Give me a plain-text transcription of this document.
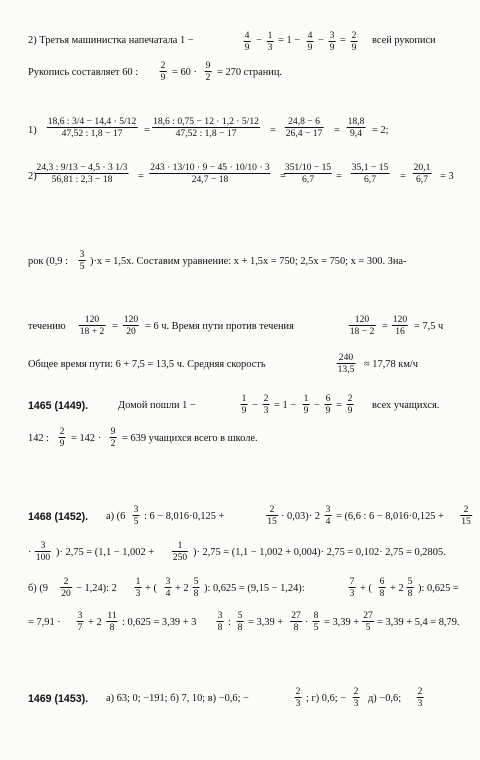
2) Третья машинистка напечатала 1 −	4
9
− 1
3
= 1 − 4
9
− 3
9
= 2
9
всей рукописи
Рукопись составляет 60 :
2
9 = 60 ·
9
2 = 270 страниц.
1)
18,6 : 3/4 − 14,4 · 5/12
47,52 : 1,8 − 17	=
18,6 : 0,75 − 12 · 1,2 · 5/12
47,52 : 1,8 − 17	=
24,8 − 6
26,4 − 17 =
18,8
9,4 = 2;
2)
24,3 : 9/13 − 4,5 · 3 1/3
56,81 : 2,3 − 18	=
243 · 13/10 · 9 − 45 · 10/10 · 3
24,7 − 18	=
351/10 − 15
6,7	=
35,1 − 15
6,7	=
20,1
6,7	= 3
рок (0,9 :
3
5 )·x = 1,5x. Составим уравнение: x + 1,5x = 750; 2,5x = 750; x = 300. Зна-
течению
120
18 + 2 =
120
20 = 6 ч. Время пути против течения
120
18 − 2 =
120
16 = 7,5 ч
Общее время пути: 6 + 7,5 = 13,5 ч. Средняя скорость
240
13,5 ≈ 17,78 км/ч
1465 (1449).	Домой пошли 1 −
1
9 −
2
3 = 1 −
1
9 −
6
9 =
2
9 всех учащихся.
142 :
2
9 = 142 ·
9
2 = 639 учащихся всего в школе.
1468 (1452). а) (6
3
5 : 6 − 8,016·0,125 +
2
15 · 0,03)· 2
3
4 = (6,6 : 6 − 8,016·0,125 +
2
15
·
3
100 )· 2,75 = (1,1 − 1,002 +
1
250 )· 2,75 = (1,1 − 1,002 + 0,004)· 2,75 = 0,102· 2,75 = 0,2805.
б) (9
2
20 − 1,24): 2
1
3 + (
3
4 + 2
5
8 ): 0,625 = (9,15 − 1,24):
7
3 + (
6
8 + 2
5
8 ): 0,625 =
= 7,91 ·
3
7 + 2
11
8 : 0,625 = 3,39 + 3
3
8 :
5
8 = 3,39 +
27
8 ·
8
5 = 3,39 +
27
5 = 3,39 + 5,4 = 8,79.
1469 (1453). а) 63; 0; −191; б) 7, 10; в) −0,6; −
2
3 ; г) 0,6; −
2
3 д) −0,6;
2
3
